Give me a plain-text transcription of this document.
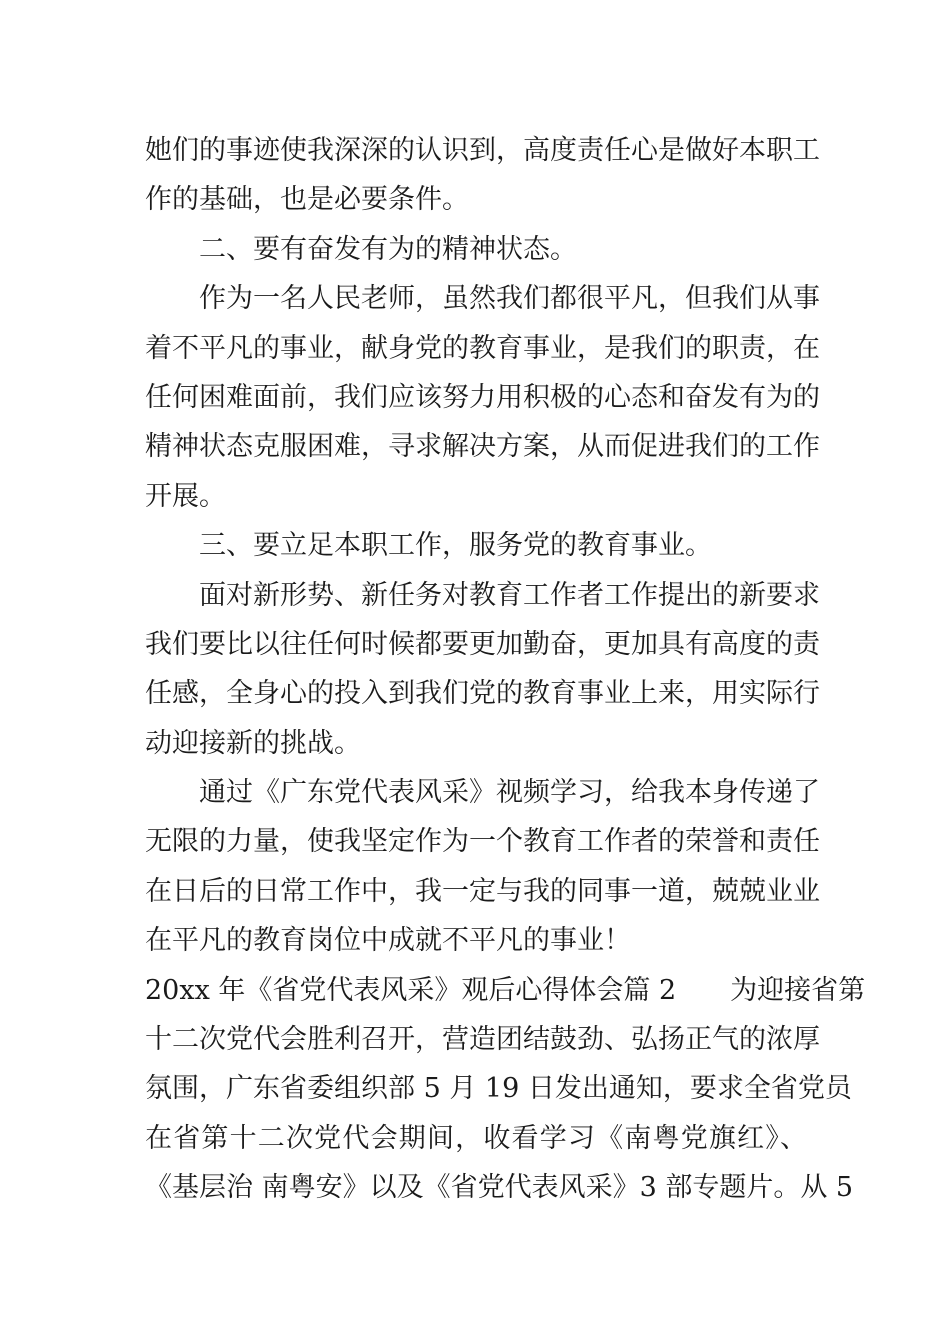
她们的事迹使我深深的认识到，高度责任心是做好本职工
作的基础，也是必要条件。
二、要有奋发有为的精神状态。
作为一名人民老师，虽然我们都很平凡，但我们从事
着不平凡的事业，献身党的教育事业，是我们的职责，在
任何困难面前，我们应该努力用积极的心态和奋发有为的
精神状态克服困难，寻求解决方案，从而促进我们的工作
开展。
三、要立足本职工作，服务党的教育事业。
面对新形势、新任务对教育工作者工作提出的新要求
我们要比以往任何时候都要更加勤奋，更加具有高度的责
任感，全身心的投入到我们党的教育事业上来，用实际行
动迎接新的挑战。
通过《广东党代表风采》视频学习，给我本身传递了
无限的力量，使我坚定作为一个教育工作者的荣誉和责任
在日后的日常工作中，我一定与我的同事一道，兢兢业业
在平凡的教育岗位中成就不平凡的事业！
20xx 年《省党代表风采》观后心得体会篇 2　　为迎接省第
十二次党代会胜利召开，营造团结鼓劲、弘扬正气的浓厚
氛围，广东省委组织部 5 月 19 日发出通知，要求全省党员
在省第十二次党代会期间，收看学习《南粤党旗红》、
《基层治 南粤安》以及《省党代表风采》3 部专题片。从 5
